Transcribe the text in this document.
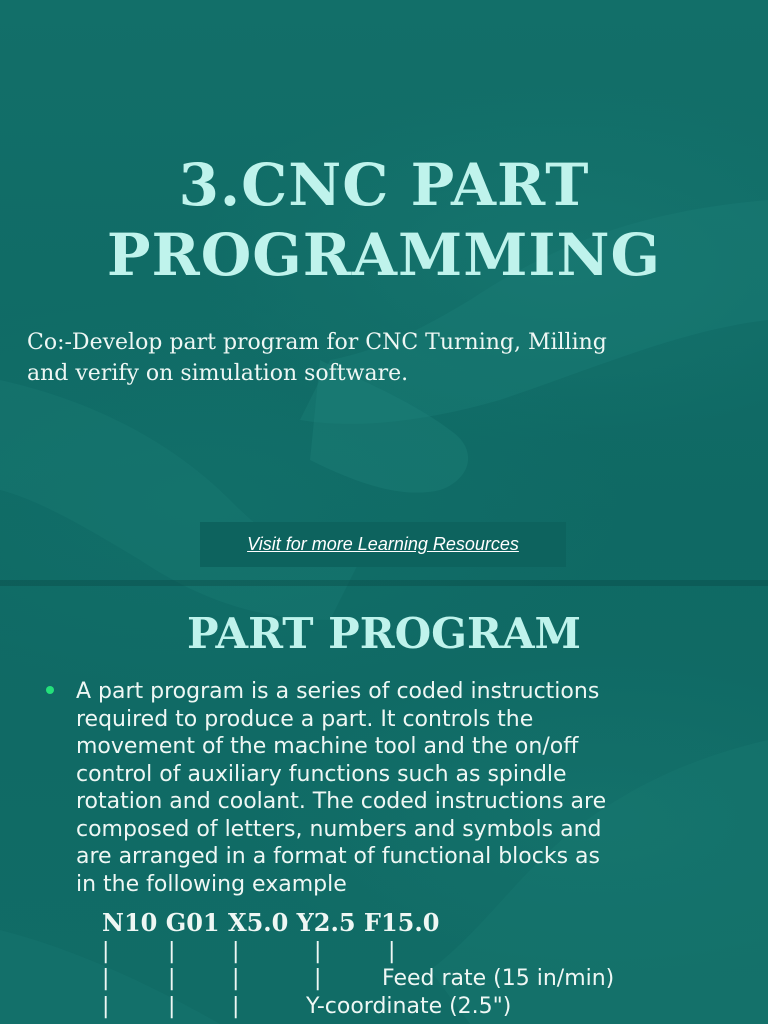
3.CNC PART
PROGRAMMING
Co:-Develop part program for CNC Turning, Milling
and verify on simulation software.
Visit for more Learning Resources
PART PROGRAM
A part program is a series of coded instructions
required to produce a part. It controls the
movement of the machine tool and the on/off
control of auxiliary functions such as spindle
rotation and coolant. The coded instructions are
composed of letters, numbers and symbols and
are arranged in a format of functional blocks as
in the following example
N10 G01 X5.0 Y2.5 F15.0
|	|	|	|	|
|	|	|	|	Feed rate (15 in/min)
|	|	|	Y-coordinate (2.5")
